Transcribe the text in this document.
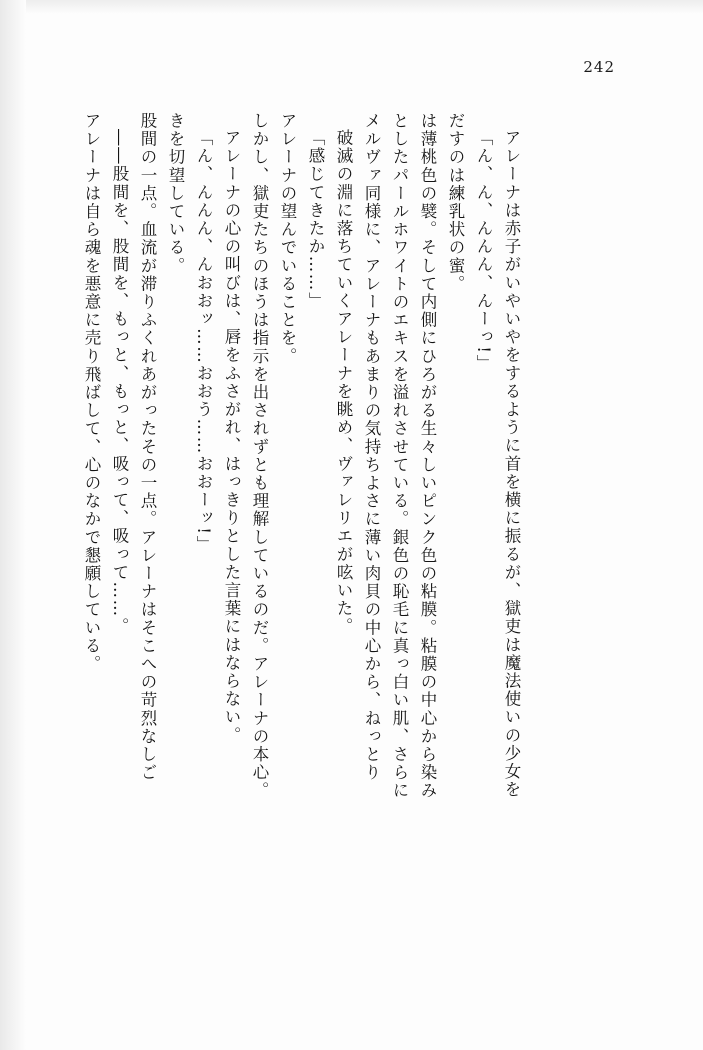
242
アレーナは自ら魂を悪意に売り飛ばして、心のなかで懇願している。 ――股間を、股間を、もっと、もっと、吸って、吸って……。 股間の一点。血流が滞りふくれあがったその一点。アレーナはそこへの苛烈なしご きを切望している。 「ん、んんん、んおおッ……おおう……おおーッ!」 アレーナの心の叫びは、唇をふさがれ、はっきりとした言葉にはならない。 しかし、獄吏たちのほうは指示を出されずとも理解しているのだ。アレーナの本心。 アレーナの望んでいることを。 「感じてきたか……」 破滅の淵に落ちていくアレーナを眺め、ヴァレリエが呟いた。 メルヴァ同様に、アレーナもあまりの気持ちよさに薄い肉貝の中心から、ねっとり としたパールホワイトのエキスを溢れさせている。銀色の恥毛に真っ白い肌、さらに は薄桃色の襞。そして内側にひろがる生々しいピンク色の粘膜。粘膜の中心から染み だすのは練乳状の蜜。 「ん、ん、んんん、んーっ!」 アレーナは赤子がいやいやをするように首を横に振るが、獄吏は魔法使いの少女を
